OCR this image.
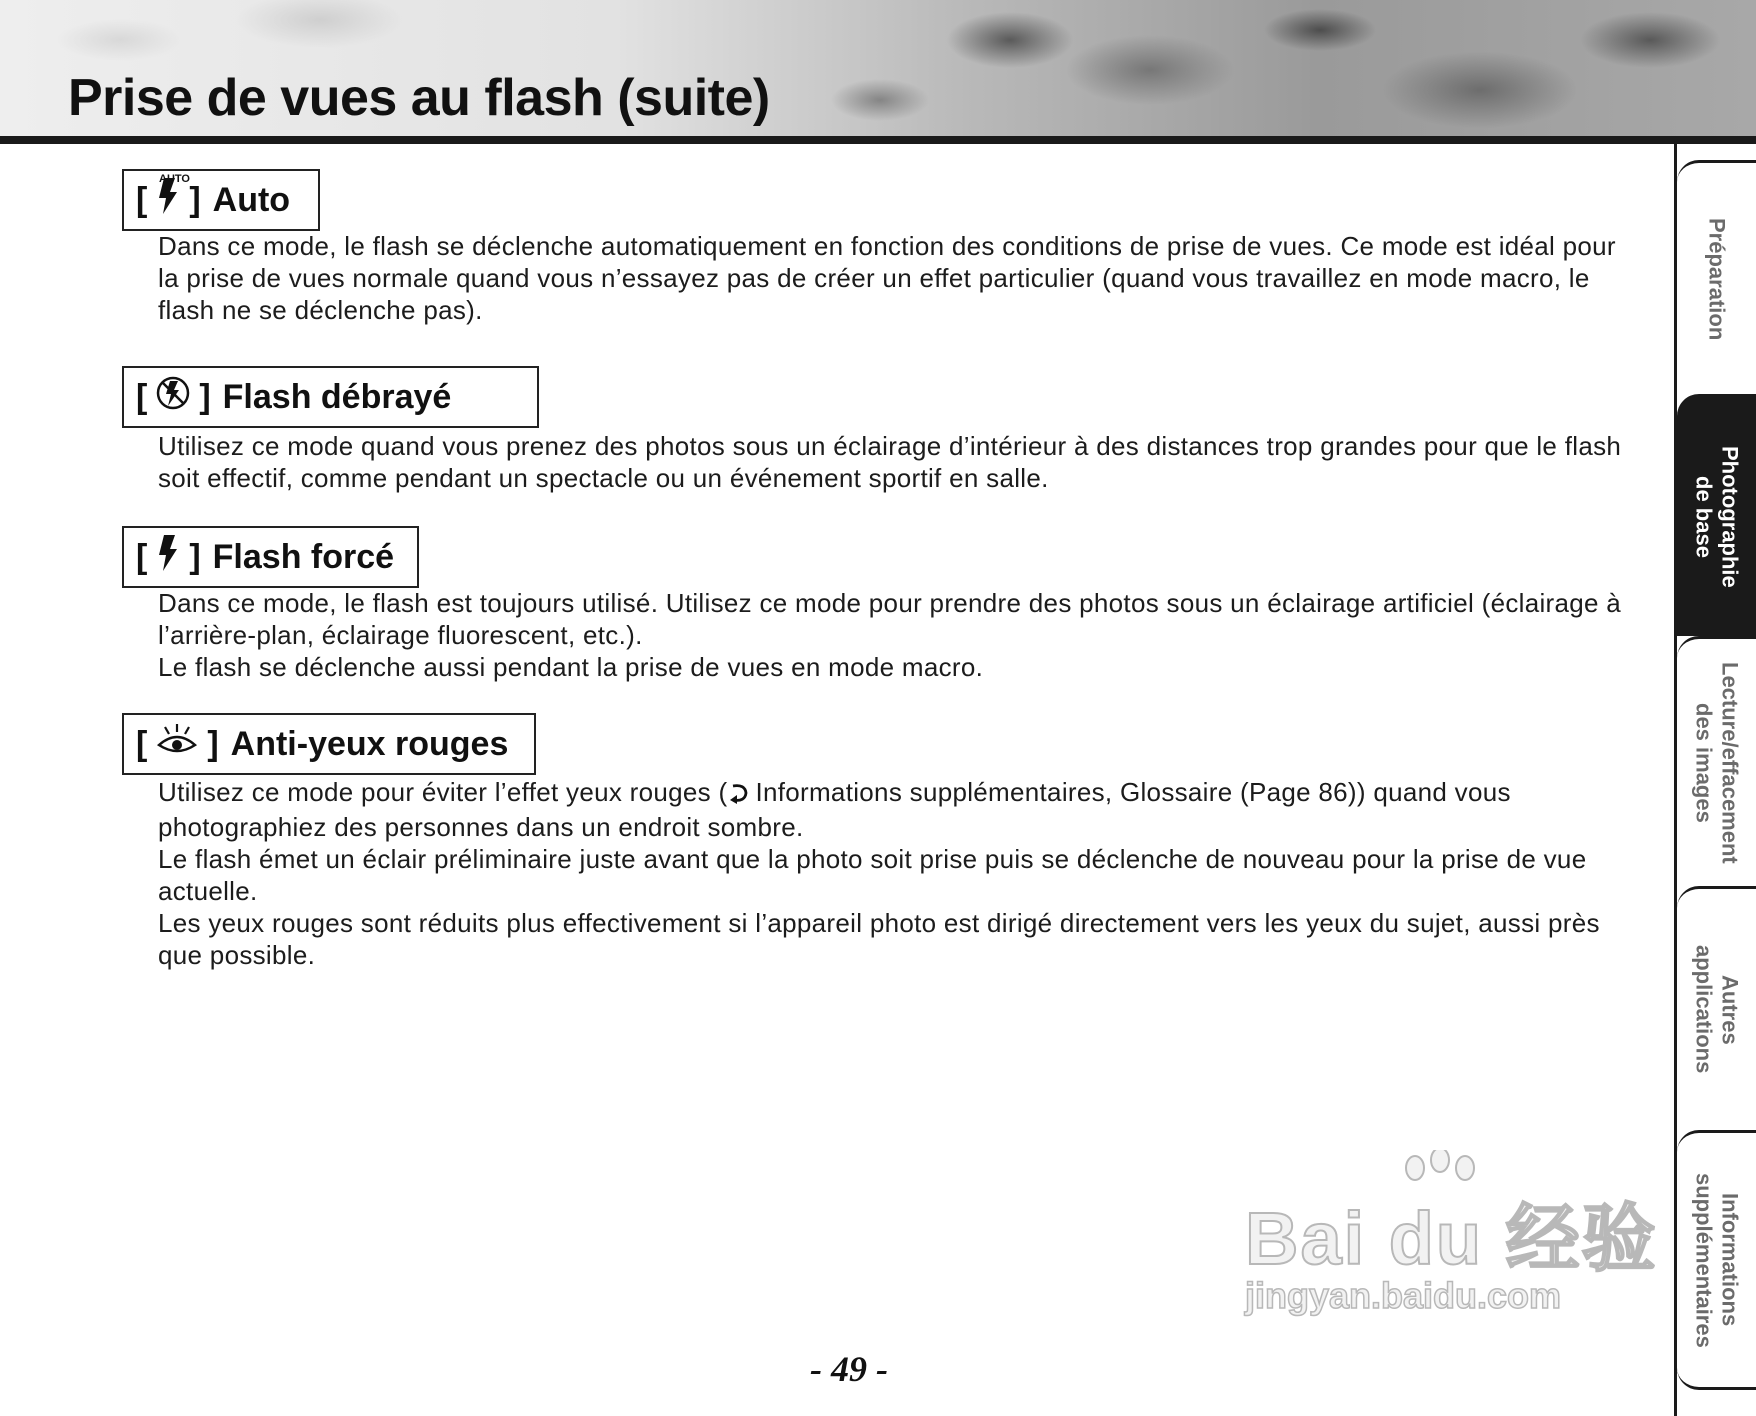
Prise de vues au flash (suite)
[ ] Auto
AUTO

Dans ce mode, le flash se déclenche automatiquement en fonction des conditions de prise de vues. Ce mode est idéal pour la prise de vues normale quand vous n’essayez pas de créer un effet particulier (quand vous travaillez en mode macro, le flash ne se déclenche pas).

[ ] Flash débrayé

Utilisez ce mode quand vous prenez des photos sous un éclairage d’intérieur à des distances trop grandes pour que le flash soit effectif, comme pendant un spectacle ou un événement sportif en salle.

[ ] Flash forcé

Dans ce mode, le flash est toujours utilisé. Utilisez ce mode pour prendre des photos sous un éclairage artificiel (éclairage à l’arrière-plan, éclairage fluorescent, etc.).

Le flash se déclenche aussi pendant la prise de vues en mode macro.

[ ] Anti-yeux rouges

Utilisez ce mode pour éviter l’effet yeux rouges ( Informations supplémentaires, Glossaire (Page 86)) quand vous photographiez des personnes dans un endroit sombre.

Le flash émet un éclair préliminaire juste avant que la photo soit prise puis se déclenche de nouveau pour la prise de vue actuelle.

Les yeux rouges sont réduits plus effectivement si l’appareil photo est dirigé directement vers les yeux du sujet, aussi près que possible.

Préparation
Photographie
de base
Lecture/effacement
des images
Autres
applications
Informations
supplémentaires
Bai du 经验
jingyan.baidu.com
- 49 -
